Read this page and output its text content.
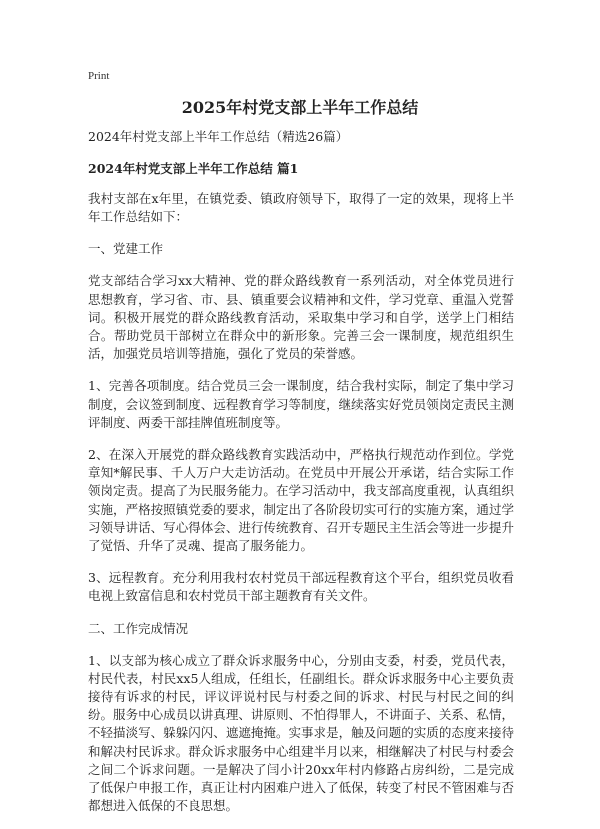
Print
2025年村党支部上半年工作总结

2024年村党支部上半年工作总结（精选26篇）

2024年村党支部上半年工作总结 篇1

我村支部在x年里，在镇党委、镇政府领导下，取得了一定的效果，现将上半年工作总结如下：

一、党建工作

党支部结合学习xx大精神、党的群众路线教育一系列活动，对全体党员进行思想教育，学习省、市、县、镇重要会议精神和文件，学习党章、重温入党誓词。积极开展党的群众路线教育活动，采取集中学习和自学，送学上门相结合。帮助党员干部树立在群众中的新形象。完善三会一课制度，规范组织生活，加强党员培训等措施，强化了党员的荣誉感。

1、完善各项制度。结合党员三会一课制度，结合我村实际，制定了集中学习制度，会议签到制度、远程教育学习等制度，继续落实好党员领岗定责民主测评制度、两委干部挂牌值班制度等。

2、在深入开展党的群众路线教育实践活动中，严格执行规范动作到位。学党章知*解民事、千人万户大走访活动。在党员中开展公开承诺，结合实际工作领岗定责。提高了为民服务能力。在学习活动中，我支部高度重视，认真组织实施，严格按照镇党委的要求，制定出了各阶段切实可行的实施方案，通过学习领导讲话、写心得体会、进行传统教育、召开专题民主生活会等进一步提升了觉悟、升华了灵魂、提高了服务能力。

3、远程教育。充分利用我村农村党员干部远程教育这个平台，组织党员收看电视上致富信息和农村党员干部主题教育有关文件。

二、工作完成情况

1、以支部为核心成立了群众诉求服务中心，分别由支委，村委，党员代表，村民代表，村民xx5人组成，任组长，任副组长。群众诉求服务中心主要负责接待有诉求的村民，评议评说村民与村委之间的诉求、村民与村民之间的纠纷。服务中心成员以讲真理、讲原则、不怕得罪人，不讲面子、关系、私情，不轻描淡写、躲躲闪闪、遮遮掩掩。实事求是，触及问题的实质的态度来接待和解决村民诉求。群众诉求服务中心组建半月以来，相继解决了村民与村委会之间二个诉求问题。一是解决了闫小计20xx年村内修路占房纠纷，二是完成了低保户申报工作，真正让村内困难户进入了低保，转变了村民不管困难与否都想进入低保的不良思想。
